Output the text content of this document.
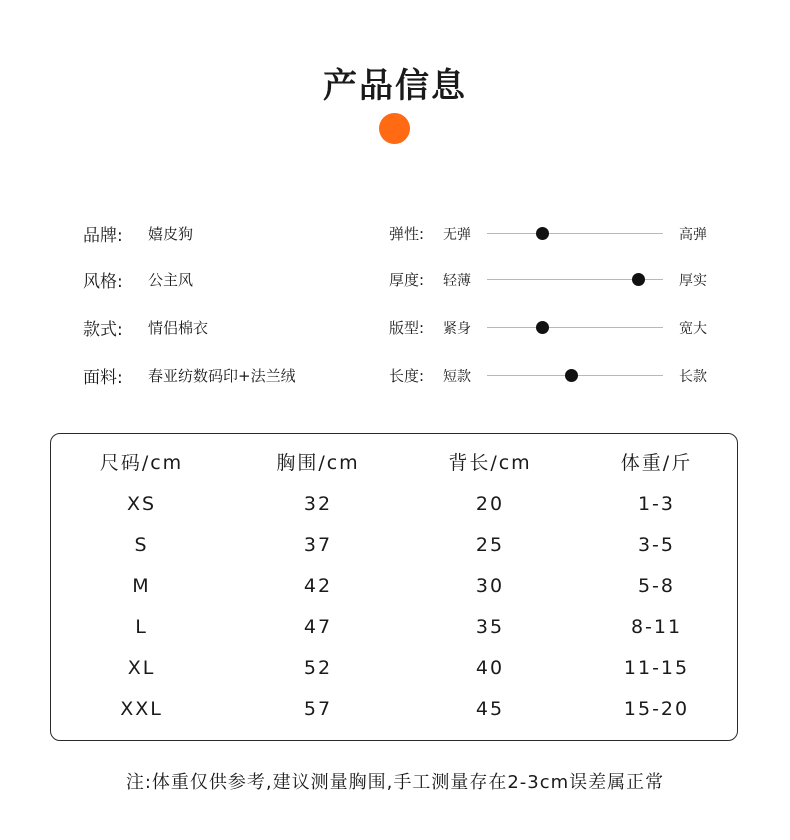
产品信息
品牌: 嬉皮狗	弹性: 无弹	高弹
风格: 公主风	厚度: 轻薄	厚实
款式: 情侣棉衣	版型: 紧身	宽大
面料: 春亚纺数码印+法兰绒	长度: 短款	长款
尺码/cm	胸围/cm	背长/cm	体重/斤
XS	32	20	1-3
S	37	25	3-5
M	42	30	5-8
L	47	35	8-11
XL	52	40	11-15
XXL	57	45	15-20
注:体重仅供参考,建议测量胸围,手工测量存在2-3cm误差属正常
